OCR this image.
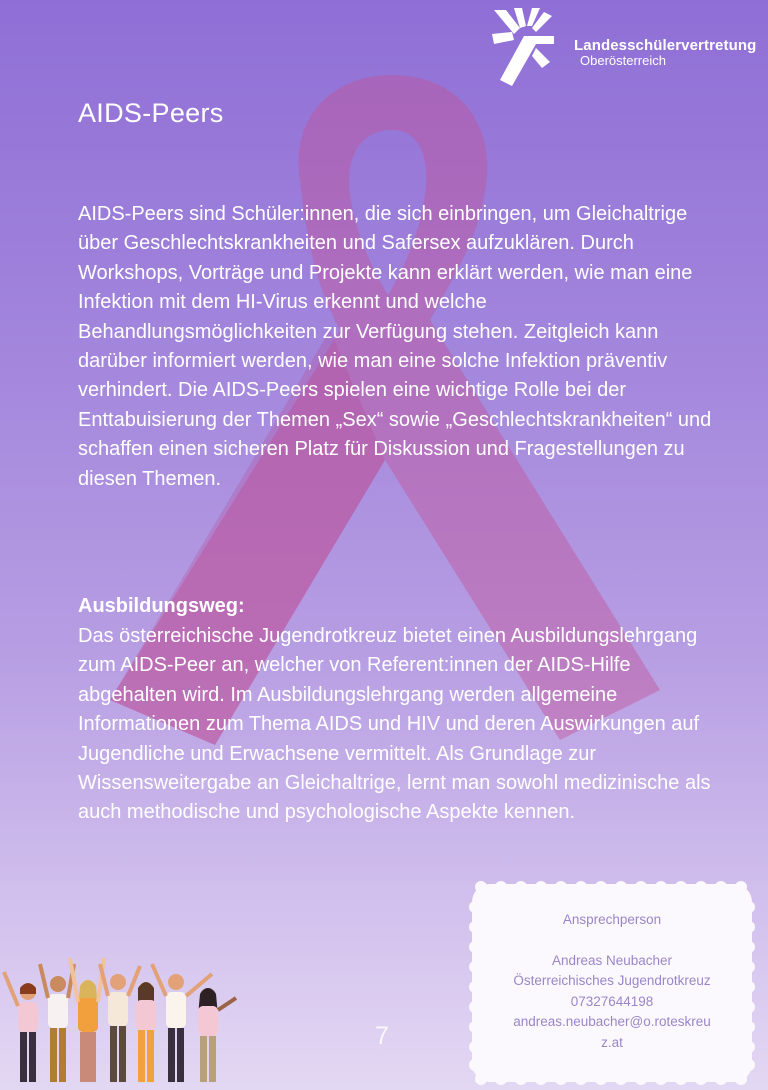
Landesschülervertretung
Oberösterreich
AIDS-Peers

AIDS-Peers sind Schüler:innen, die sich einbringen, um Gleichaltrige über Geschlechtskrankheiten und Safersex aufzuklären. Durch Workshops, Vorträge und Projekte kann erklärt werden, wie man eine Infektion mit dem HI-Virus erkennt und welche Behandlungsmöglichkeiten zur Verfügung stehen. Zeitgleich kann darüber informiert werden, wie man eine solche Infektion präventiv verhindert. Die AIDS-Peers spielen eine wichtige Rolle bei der Enttabuisierung der Themen „Sex“ sowie „Geschlechtskrankheiten“ und schaffen einen sicheren Platz für Diskussion und Fragestellungen zu diesen Themen.

Ausbildungsweg:

Das österreichische Jugendrotkreuz bietet einen Ausbildungslehrgang zum AIDS-Peer an, welcher von Referent:innen der AIDS-Hilfe abgehalten wird. Im Ausbildungslehrgang werden allgemeine Informationen zum Thema AIDS und HIV und deren Auswirkungen auf Jugendliche und Erwachsene vermittelt. Als Grundlage zur Wissensweitergabe an Gleichaltrige, lernt man sowohl medizinische als auch methodische und psychologische Aspekte kennen.

Ansprechperson
Andreas Neubacher
Österreichisches Jugendrotkreuz
07327644198
andreas.neubacher@o.roteskreu
z.at
7
